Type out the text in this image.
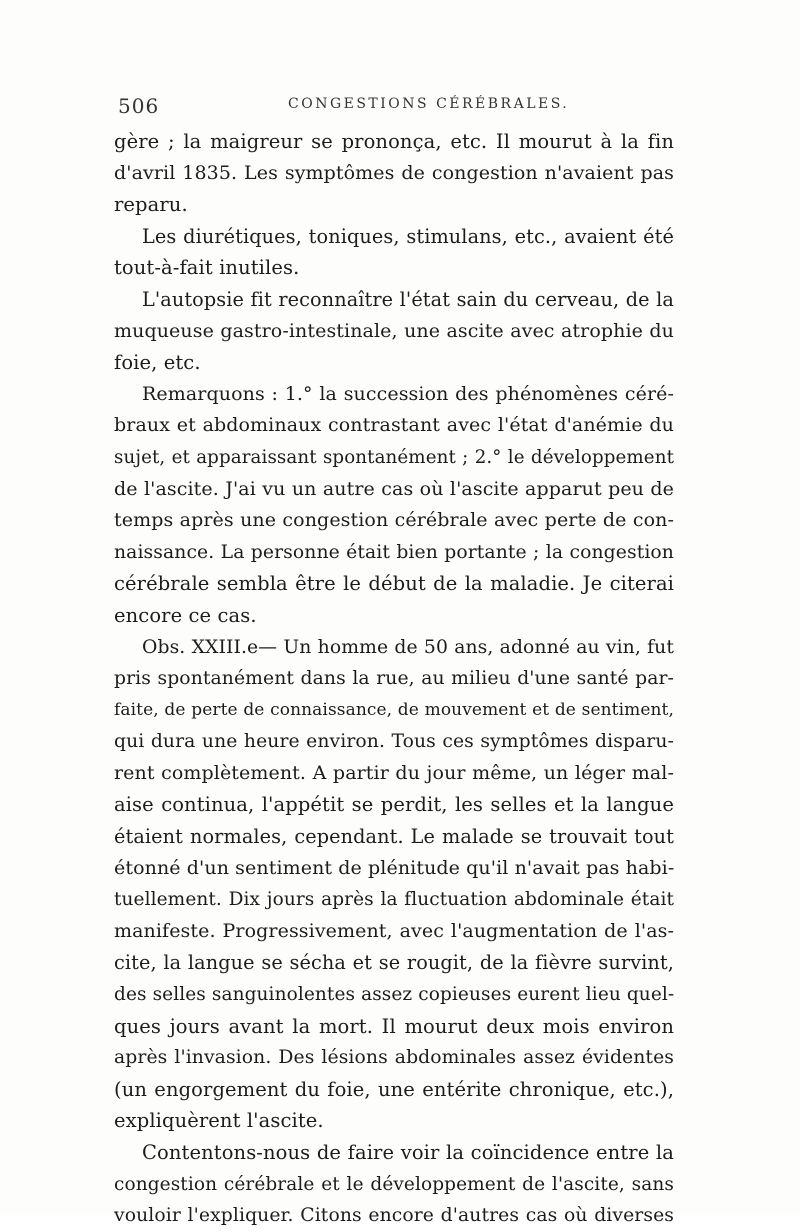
506	CONGESTIONS CÉRÉBRALES.
gère ; la maigreur se prononça, etc. Il mourut à la fin
d'avril 1835. Les symptômes de congestion n'avaient pas
reparu.
Les diurétiques, toniques, stimulans, etc., avaient été
tout-à-fait inutiles.
L'autopsie fit reconnaître l'état sain du cerveau, de la
muqueuse gastro-intestinale, une ascite avec atrophie du
foie, etc.
Remarquons : 1.° la succession des phénomènes céré-
braux et abdominaux contrastant avec l'état d'anémie du
sujet, et apparaissant spontanément ; 2.° le développement
de l'ascite. J'ai vu un autre cas où l'ascite apparut peu de
temps après une congestion cérébrale avec perte de con-
naissance. La personne était bien portante ; la congestion
cérébrale sembla être le début de la maladie. Je citerai
encore ce cas.
Obs. XXIII.e— Un homme de 50 ans, adonné au vin, fut
pris spontanément dans la rue, au milieu d'une santé par-
faite, de perte de connaissance, de mouvement et de sentiment,
qui dura une heure environ. Tous ces symptômes disparu-
rent complètement. A partir du jour même, un léger mal-
aise continua, l'appétit se perdit, les selles et la langue
étaient normales, cependant. Le malade se trouvait tout
étonné d'un sentiment de plénitude qu'il n'avait pas habi-
tuellement. Dix jours après la fluctuation abdominale était
manifeste. Progressivement, avec l'augmentation de l'as-
cite, la langue se sécha et se rougit, de la fièvre survint,
des selles sanguinolentes assez copieuses eurent lieu quel-
ques jours avant la mort. Il mourut deux mois environ
après l'invasion. Des lésions abdominales assez évidentes
(un engorgement du foie, une entérite chronique, etc.),
expliquèrent l'ascite.
Contentons-nous de faire voir la coïncidence entre la
congestion cérébrale et le développement de l'ascite, sans
vouloir l'expliquer. Citons encore d'autres cas où diverses
